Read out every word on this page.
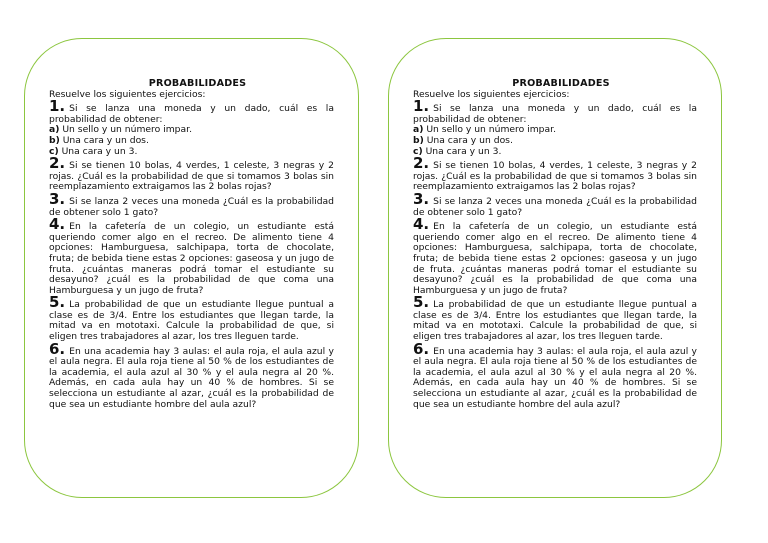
PROBABILIDADES
Resuelve los siguientes ejercicios:

1. Si se lanza una moneda y un dado, cuál es la probabilidad de obtener:

a) Un sello y un número impar.

b) Una cara y un dos.

c) Una cara y un 3.

2. Si se tienen 10 bolas, 4 verdes, 1 celeste, 3 negras y 2 rojas. ¿Cuál es la probabilidad de que si tomamos 3 bolas sin reemplazamiento extraigamos las 2 bolas rojas?

3. Si se lanza 2 veces una moneda ¿Cuál es la probabilidad de obtener solo 1 gato?

4. En la cafetería de un colegio, un estudiante está queriendo comer algo en el recreo. De alimento tiene 4 opciones: Hamburguesa, salchipapa, torta de chocolate, fruta; de bebida tiene estas 2 opciones: gaseosa y un jugo de fruta. ¿cuántas maneras podrá tomar el estudiante su desayuno? ¿cuál es la probabilidad de que coma una Hamburguesa y un jugo de fruta?

5. La probabilidad de que un estudiante llegue puntual a clase es de 3/4. Entre los estudiantes que llegan tarde, la mitad va en mototaxi. Calcule la probabilidad de que, si eligen tres trabajadores al azar, los tres lleguen tarde.

6. En una academia hay 3 aulas: el aula roja, el aula azul y el aula negra. El aula roja tiene al 50 % de los estudiantes de la academia, el aula azul al 30 % y el aula negra al 20 %. Además, en cada aula hay un 40 % de hombres. Si se selecciona un estudiante al azar, ¿cuál es la probabilidad de que sea un estudiante hombre del aula azul?

PROBABILIDADES
Resuelve los siguientes ejercicios:

1. Si se lanza una moneda y un dado, cuál es la probabilidad de obtener:

a) Un sello y un número impar.

b) Una cara y un dos.

c) Una cara y un 3.

2. Si se tienen 10 bolas, 4 verdes, 1 celeste, 3 negras y 2 rojas. ¿Cuál es la probabilidad de que si tomamos 3 bolas sin reemplazamiento extraigamos las 2 bolas rojas?

3. Si se lanza 2 veces una moneda ¿Cuál es la probabilidad de obtener solo 1 gato?

4. En la cafetería de un colegio, un estudiante está queriendo comer algo en el recreo. De alimento tiene 4 opciones: Hamburguesa, salchipapa, torta de chocolate, fruta; de bebida tiene estas 2 opciones: gaseosa y un jugo de fruta. ¿cuántas maneras podrá tomar el estudiante su desayuno? ¿cuál es la probabilidad de que coma una Hamburguesa y un jugo de fruta?

5. La probabilidad de que un estudiante llegue puntual a clase es de 3/4. Entre los estudiantes que llegan tarde, la mitad va en mototaxi. Calcule la probabilidad de que, si eligen tres trabajadores al azar, los tres lleguen tarde.

6. En una academia hay 3 aulas: el aula roja, el aula azul y el aula negra. El aula roja tiene al 50 % de los estudiantes de la academia, el aula azul al 30 % y el aula negra al 20 %. Además, en cada aula hay un 40 % de hombres. Si se selecciona un estudiante al azar, ¿cuál es la probabilidad de que sea un estudiante hombre del aula azul?
